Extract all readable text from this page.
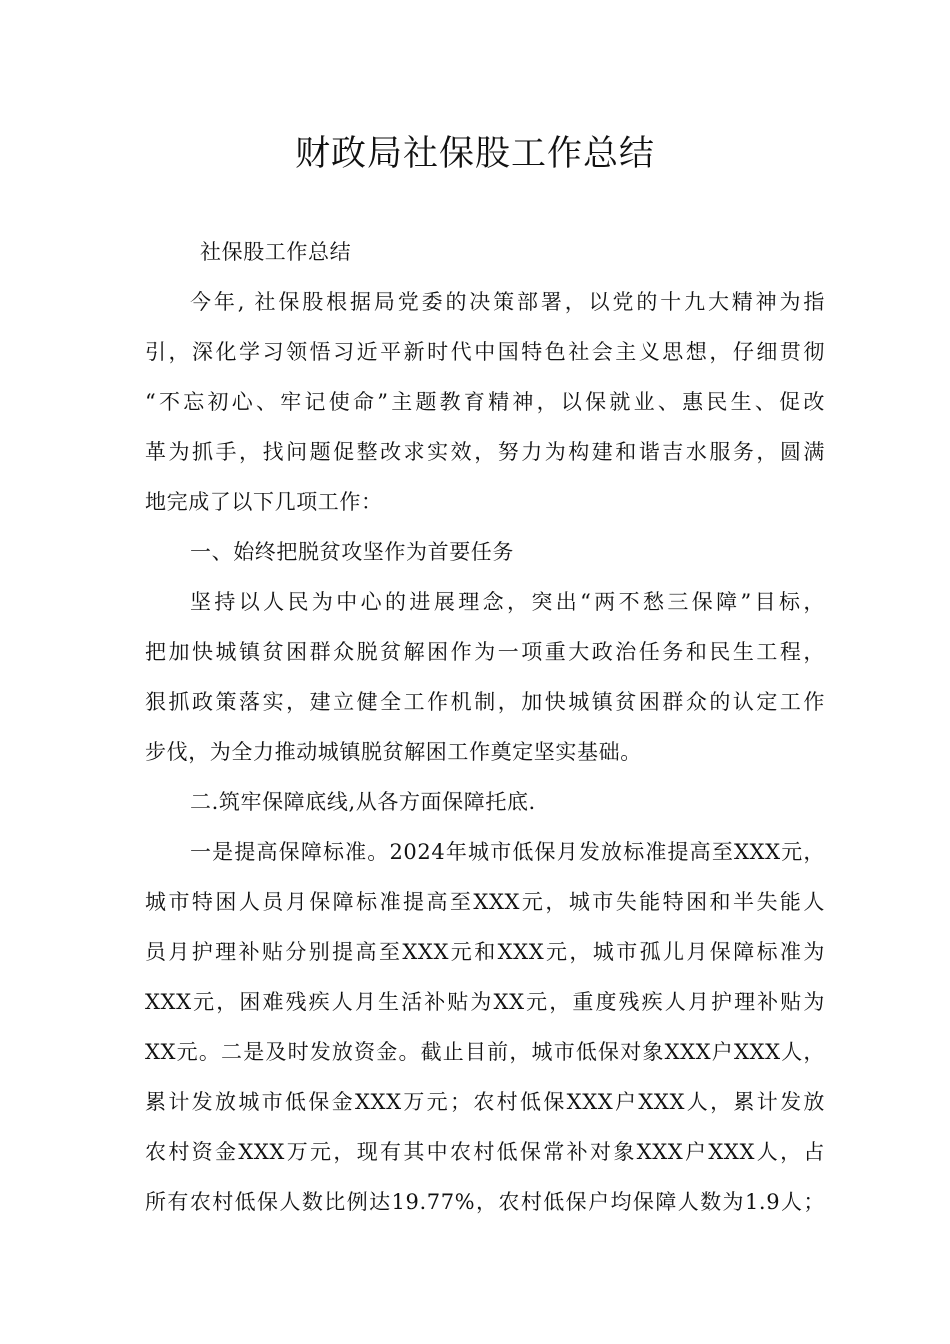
财政局社保股工作总结
社保股工作总结
今年, 社保股根据局党委的决策部署，以党的十九大精神为指
引，深化学习领悟习近平新时代中国特色社会主义思想，仔细贯彻
“不忘初心、牢记使命”主题教育精神，以保就业、惠民生、促改
革为抓手，找问题促整改求实效，努力为构建和谐吉水服务，圆满
地完成了以下几项工作：
一、始终把脱贫攻坚作为首要任务
坚持以人民为中心的进展理念，突出“两不愁三保障”目标，
把加快城镇贫困群众脱贫解困作为一项重大政治任务和民生工程，
狠抓政策落实，建立健全工作机制，加快城镇贫困群众的认定工作
步伐，为全力推动城镇脱贫解困工作奠定坚实基础。
二.筑牢保障底线,从各方面保障托底.
一是提高保障标准。2024年城市低保月发放标准提高至XXX元，
城市特困人员月保障标准提高至XXX元，城市失能特困和半失能人
员月护理补贴分别提高至XXX元和XXX元，城市孤儿月保障标准为
XXX元，困难残疾人月生活补贴为XX元，重度残疾人月护理补贴为
XX元。二是及时发放资金。截止目前，城市低保对象XXX户XXX人，
累计发放城市低保金XXX万元；农村低保XXX户XXX人，累计发放
农村资金XXX万元，现有其中农村低保常补对象XXX户XXX人，占
所有农村低保人数比例达19.77%，农村低保户均保障人数为1.9人；
